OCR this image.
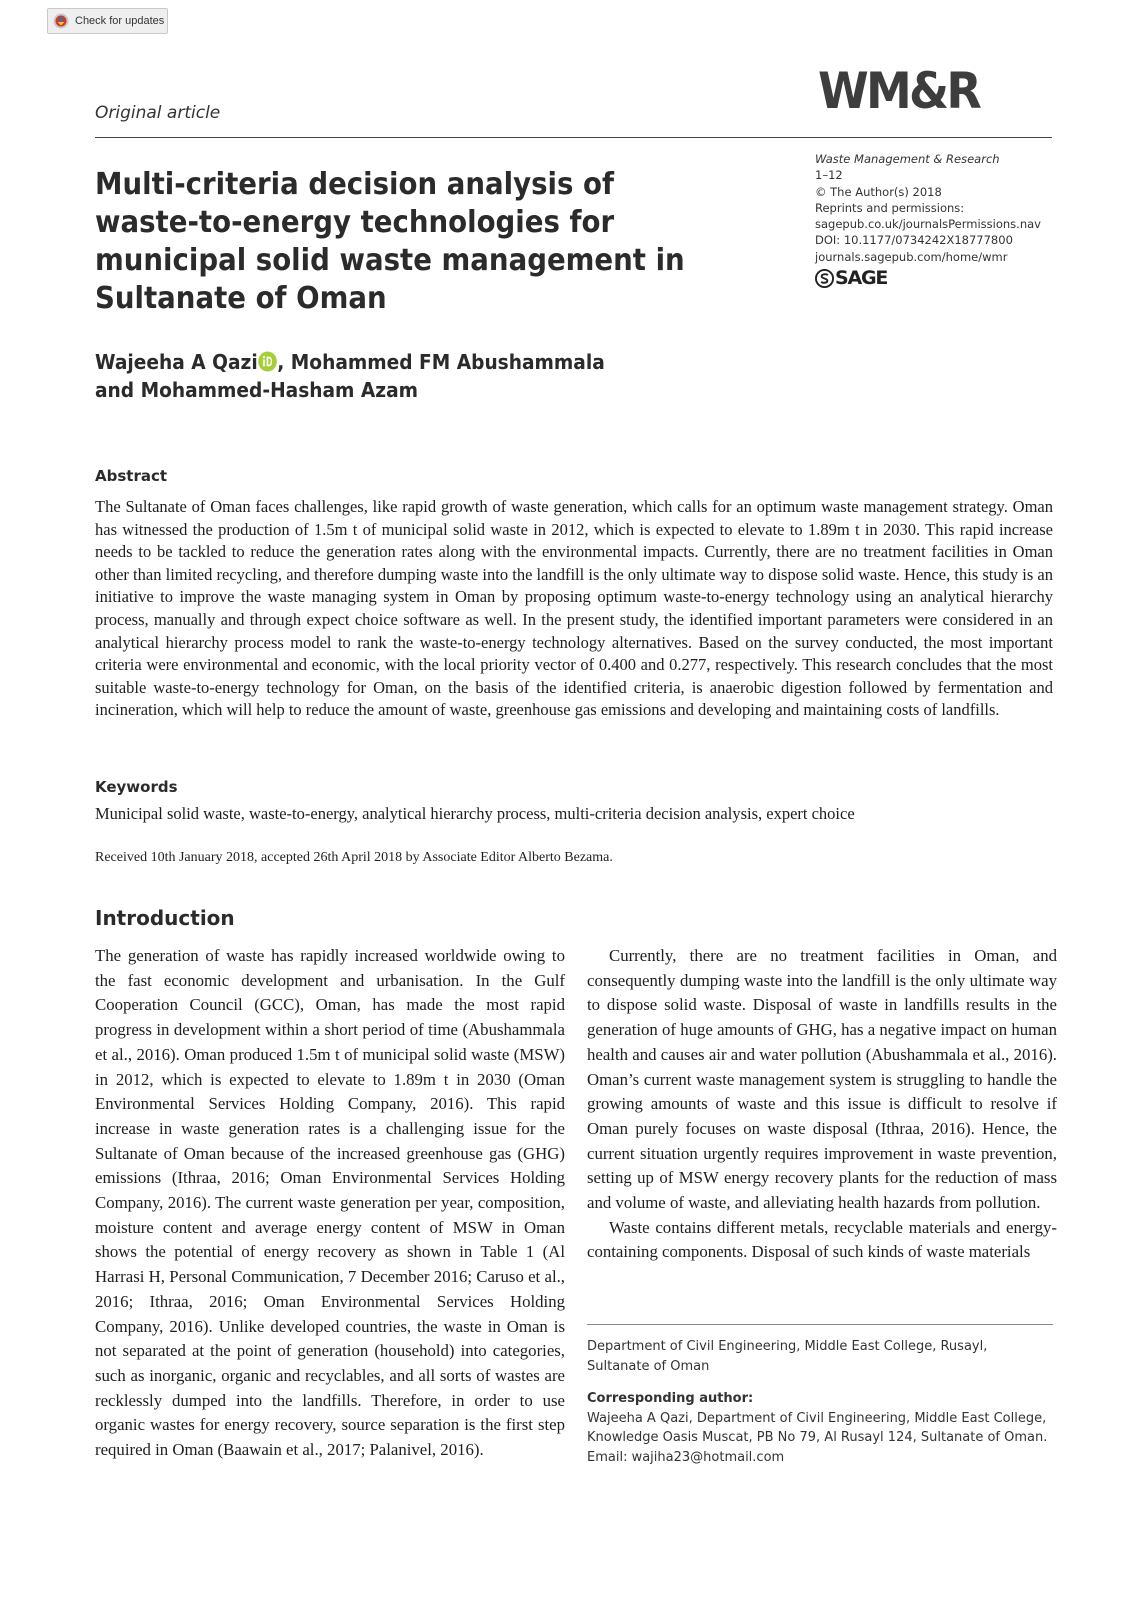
Check for updates
WM&R
Original article
Multi-criteria decision analysis of waste-to-energy technologies for municipal solid waste management in Sultanate of Oman
Waste Management & Research
1–12
© The Author(s) 2018
Reprints and permissions:
sagepub.co.uk/journalsPermissions.nav
DOI: 10.1177/0734242X18777800
journals.sagepub.com/home/wmr
SAGE
Wajeeha A Qazi , Mohammed FM Abushammala
and Mohammed-Hasham Azam
Abstract

The Sultanate of Oman faces challenges, like rapid growth of waste generation, which calls for an optimum waste management strategy. Oman has witnessed the production of 1.5m t of municipal solid waste in 2012, which is expected to elevate to 1.89m t in 2030. This rapid increase needs to be tackled to reduce the generation rates along with the environmental impacts. Currently, there are no treatment facilities in Oman other than limited recycling, and therefore dumping waste into the landfill is the only ultimate way to dispose solid waste. Hence, this study is an initiative to improve the waste managing system in Oman by proposing optimum waste-to-energy technology using an analytical hierarchy process, manually and through expect choice software as well. In the present study, the identified important parameters were considered in an analytical hierarchy process model to rank the waste-to-energy technology alternatives. Based on the survey conducted, the most important criteria were environmental and economic, with the local priority vector of 0.400 and 0.277, respectively. This research concludes that the most suitable waste-to-energy technology for Oman, on the basis of the identified criteria, is anaerobic digestion followed by fermentation and incineration, which will help to reduce the amount of waste, greenhouse gas emissions and developing and maintaining costs of landfills.

Keywords

Municipal solid waste, waste-to-energy, analytical hierarchy process, multi-criteria decision analysis, expert choice

Received 10th January 2018, accepted 26th April 2018 by Associate Editor Alberto Bezama.

Introduction

The generation of waste has rapidly increased worldwide owing to the fast economic development and urbanisation. In the Gulf Cooperation Council (GCC), Oman, has made the most rapid progress in development within a short period of time (Abushammala et al., 2016). Oman produced 1.5m t of municipal solid waste (MSW) in 2012, which is expected to elevate to 1.89m t in 2030 (Oman Environmental Services Holding Company, 2016). This rapid increase in waste generation rates is a challenging issue for the Sultanate of Oman because of the increased greenhouse gas (GHG) emissions (Ithraa, 2016; Oman Environmental Services Holding Company, 2016). The current waste generation per year, composition, moisture content and average energy content of MSW in Oman shows the potential of energy recovery as shown in Table 1 (Al Harrasi H, Personal Communication, 7 December 2016; Caruso et al., 2016; Ithraa, 2016; Oman Environmental Services Holding Company, 2016). Unlike developed countries, the waste in Oman is not separated at the point of generation (household) into categories, such as inorganic, organic and recyclables, and all sorts of wastes are recklessly dumped into the landfills. Therefore, in order to use organic wastes for energy recovery, source separation is the first step required in Oman (Baawain et al., 2017; Palanivel, 2016).

Currently, there are no treatment facilities in Oman, and consequently dumping waste into the landfill is the only ultimate way to dispose solid waste. Disposal of waste in landfills results in the generation of huge amounts of GHG, has a negative impact on human health and causes air and water pollution (Abushammala et al., 2016). Oman’s current waste management system is struggling to handle the growing amounts of waste and this issue is difficult to resolve if Oman purely focuses on waste disposal (Ithraa, 2016). Hence, the current situation urgently requires improvement in waste prevention, setting up of MSW energy recovery plants for the reduction of mass and volume of waste, and alleviating health hazards from pollution.

Waste contains different metals, recyclable materials and energy-containing components. Disposal of such kinds of waste materials

Department of Civil Engineering, Middle East College, Rusayl, Sultanate of Oman
Corresponding author:
Wajeeha A Qazi, Department of Civil Engineering, Middle East College, Knowledge Oasis Muscat, PB No 79, Al Rusayl 124, Sultanate of Oman.
Email: wajiha23@hotmail.com
